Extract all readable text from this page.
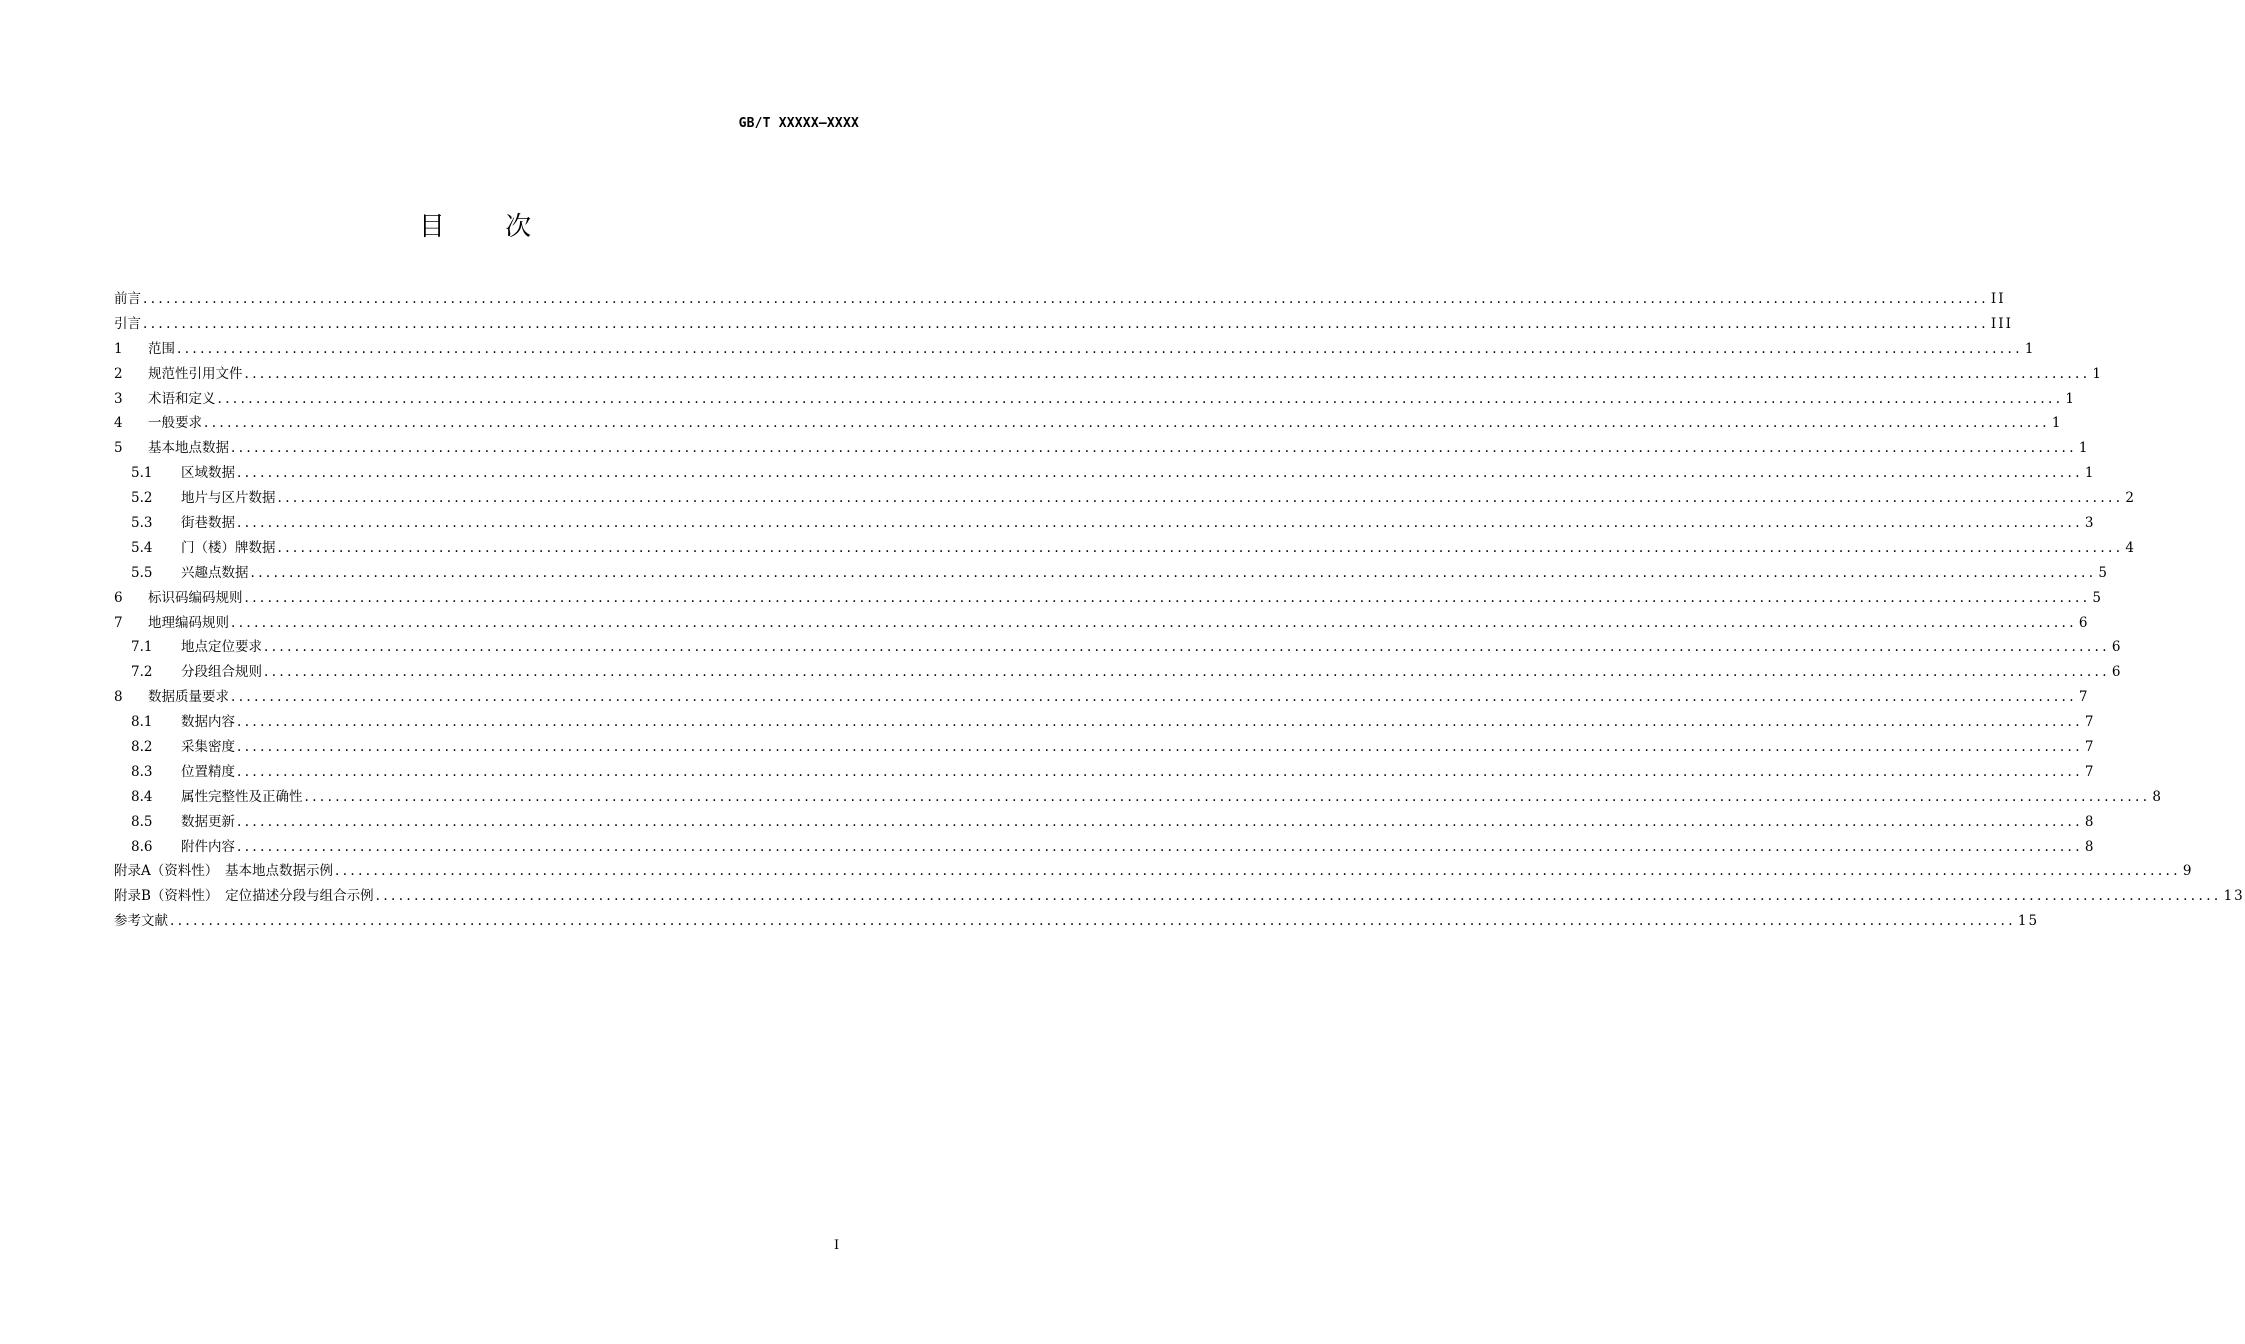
GB/T XXXXX—XXXX
目 次
前言 .....	II
引言 .....	III
1	范围 .....	1
2	规范性引用文件 .....	1
3	术语和定义 .....	1
4	一般要求 .....	1
5	基本地点数据 .....	1
5.1	区域数据 .....	1
5.2	地片与区片数据 .....	2
5.3	街巷数据 .....	3
5.4	门（楼）牌数据 .....	4
5.5	兴趣点数据 .....	5
6	标识码编码规则 .....	5
7	地理编码规则 .....	6
7.1	地点定位要求 .....	6
7.2	分段组合规则 .....	6
8	数据质量要求 .....	7
8.1	数据内容 .....	7
8.2	采集密度 .....	7
8.3	位置精度 .....	7
8.4	属性完整性及正确性 .....	8
8.5	数据更新 .....	8
8.6	附件内容 .....	8
附录A（资料性）　基本地点数据示例 .....	9
附录B（资料性）　定位描述分段与组合示例 .....	13
参考文献 .....	15
I
